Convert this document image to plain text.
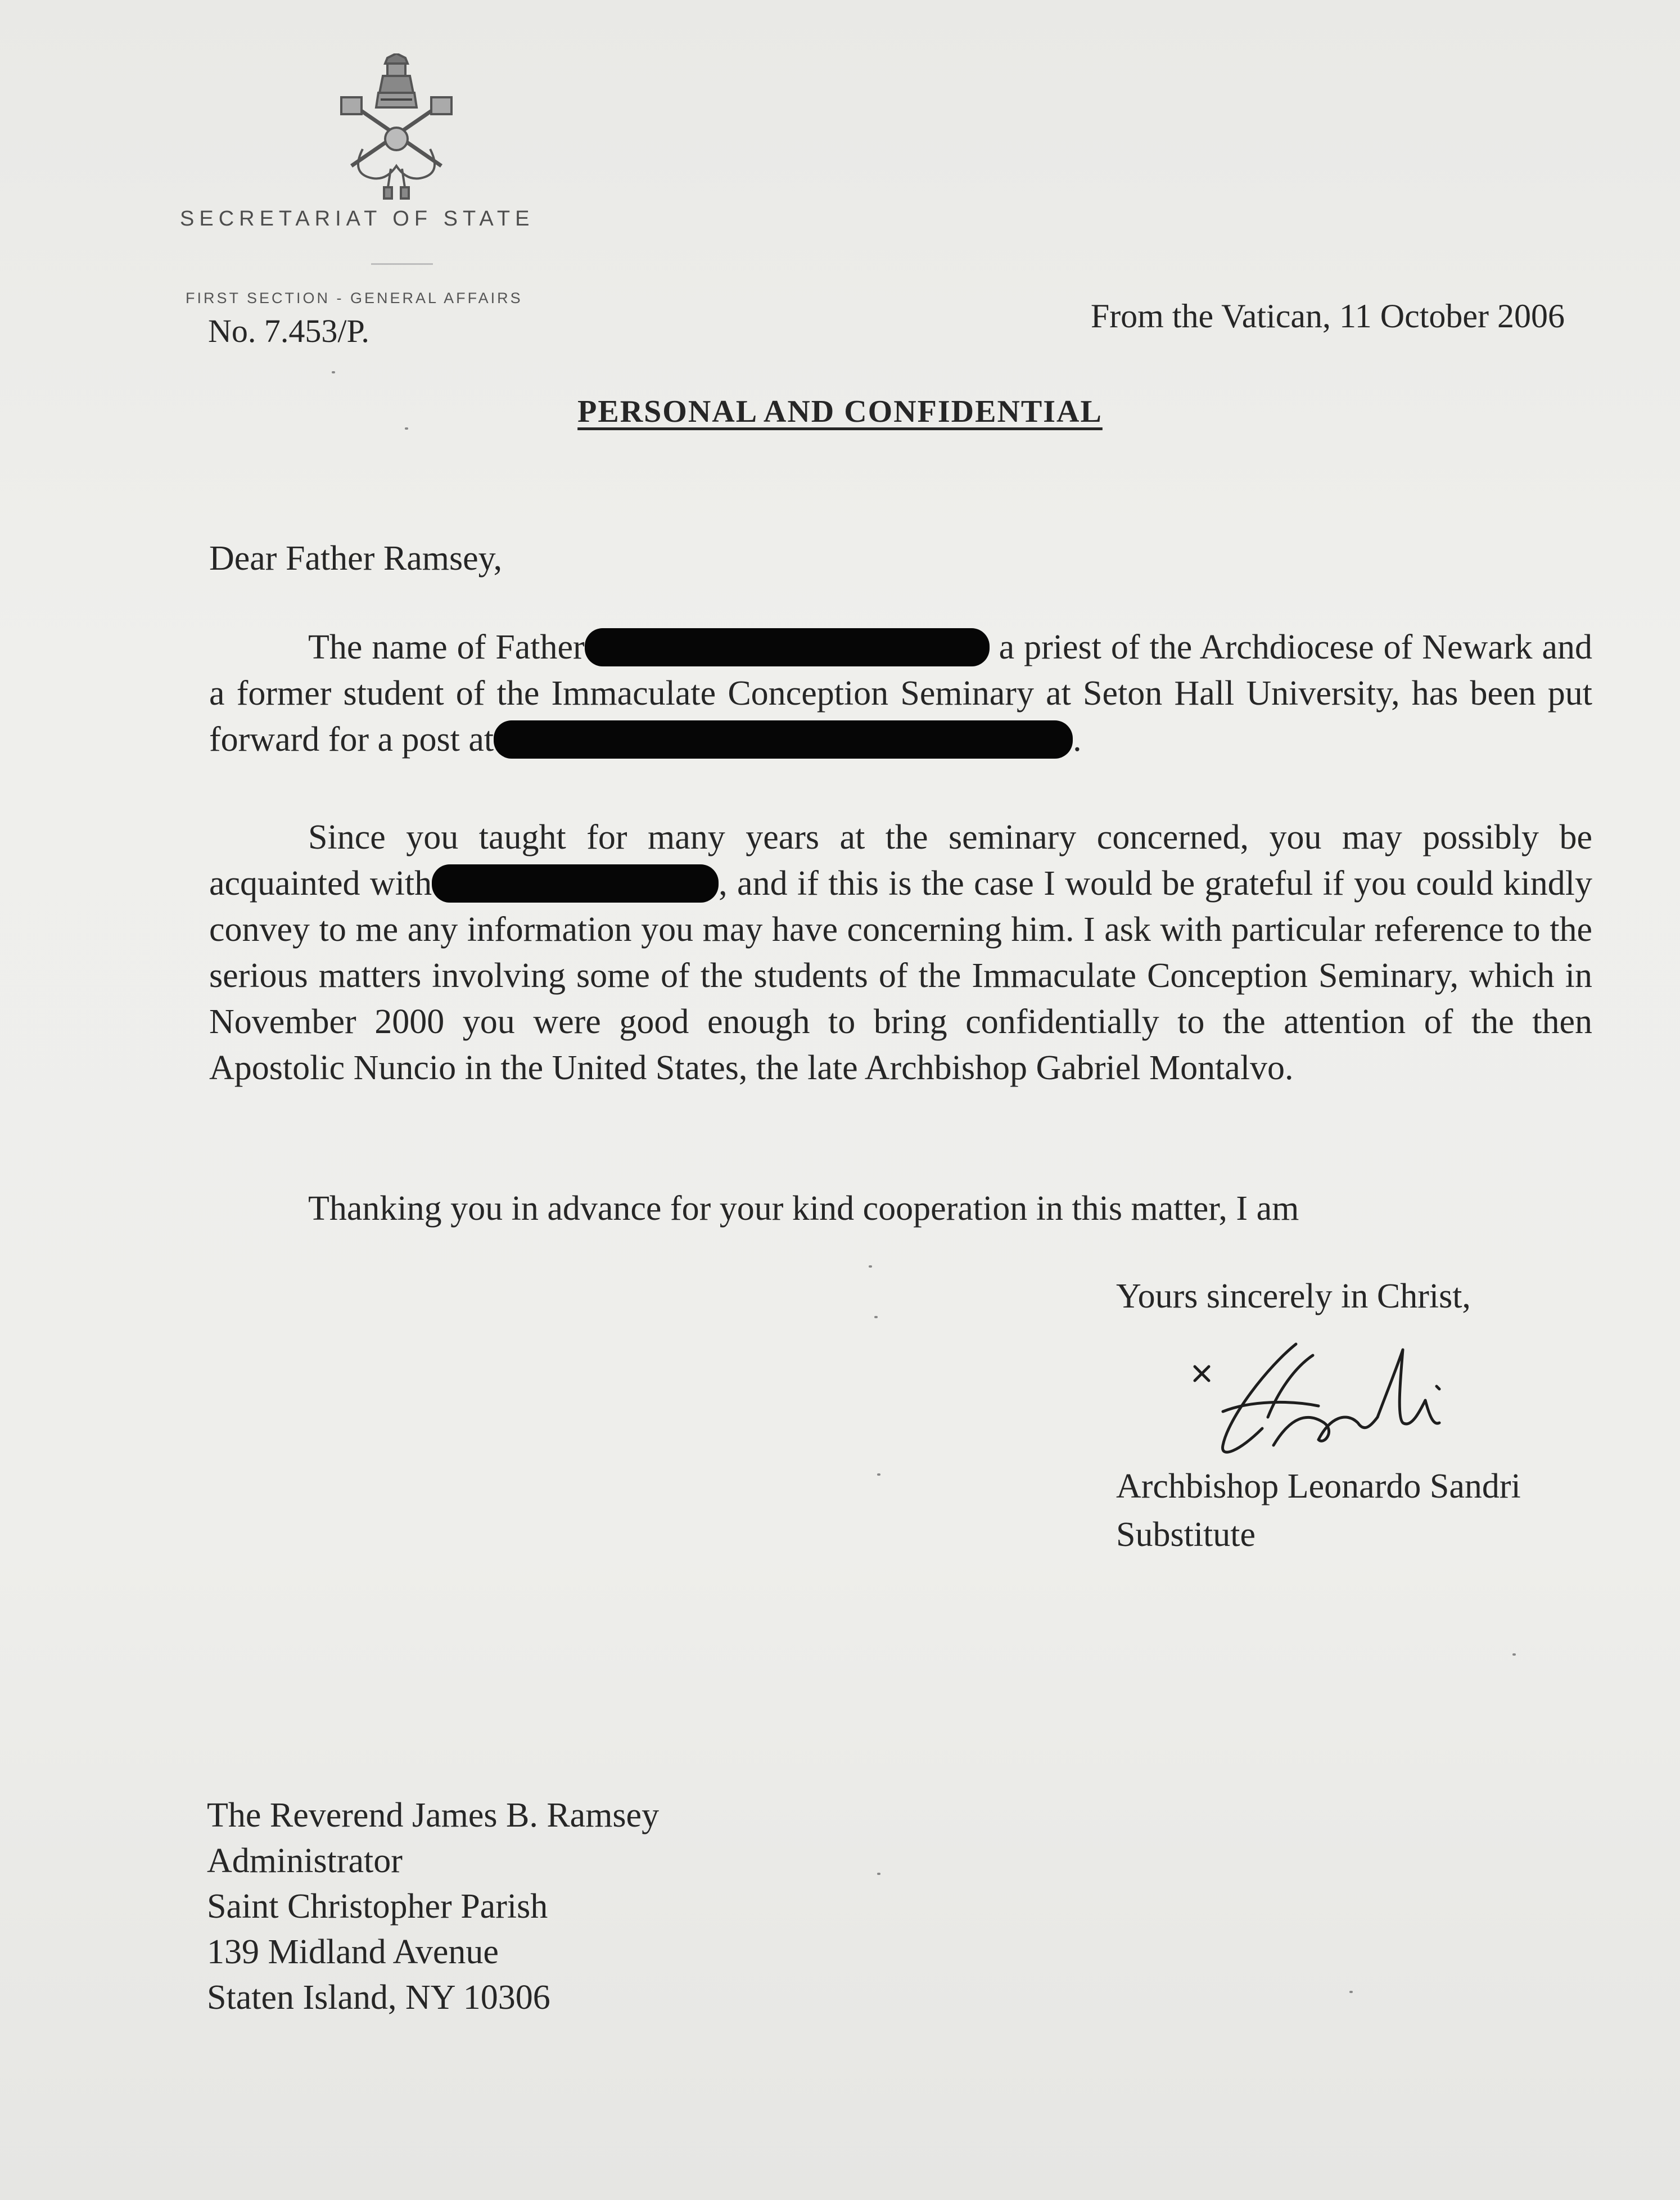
SECRETARIAT OF STATE
FIRST SECTION - GENERAL AFFAIRS
No. 7.453/P.	From the Vatican, 11 October 2006
PERSONAL AND CONFIDENTIAL
Dear Father Ramsey,

The name of Father	a priest of the Archdiocese of Newark and a former student of the Immaculate Conception Seminary at Seton Hall University, has been put forward for a post at	.

Since you taught for many years at the seminary concerned, you may possibly be acquainted with	, and if this is the case I would be grateful if you could kindly convey to me any information you may have concerning him. I ask with particular reference to the serious matters involving some of the students of the Immaculate Conception Seminary, which in November 2000 you were good enough to bring confidentially to the attention of the then Apostolic Nuncio in the United States, the late Archbishop Gabriel Montalvo.

Thanking you in advance for your kind cooperation in this matter, I am

Yours sincerely in Christ,
Archbishop Leonardo Sandri
Substitute
The Reverend James B. Ramsey
Administrator
Saint Christopher Parish
139 Midland Avenue
Staten Island, NY 10306
